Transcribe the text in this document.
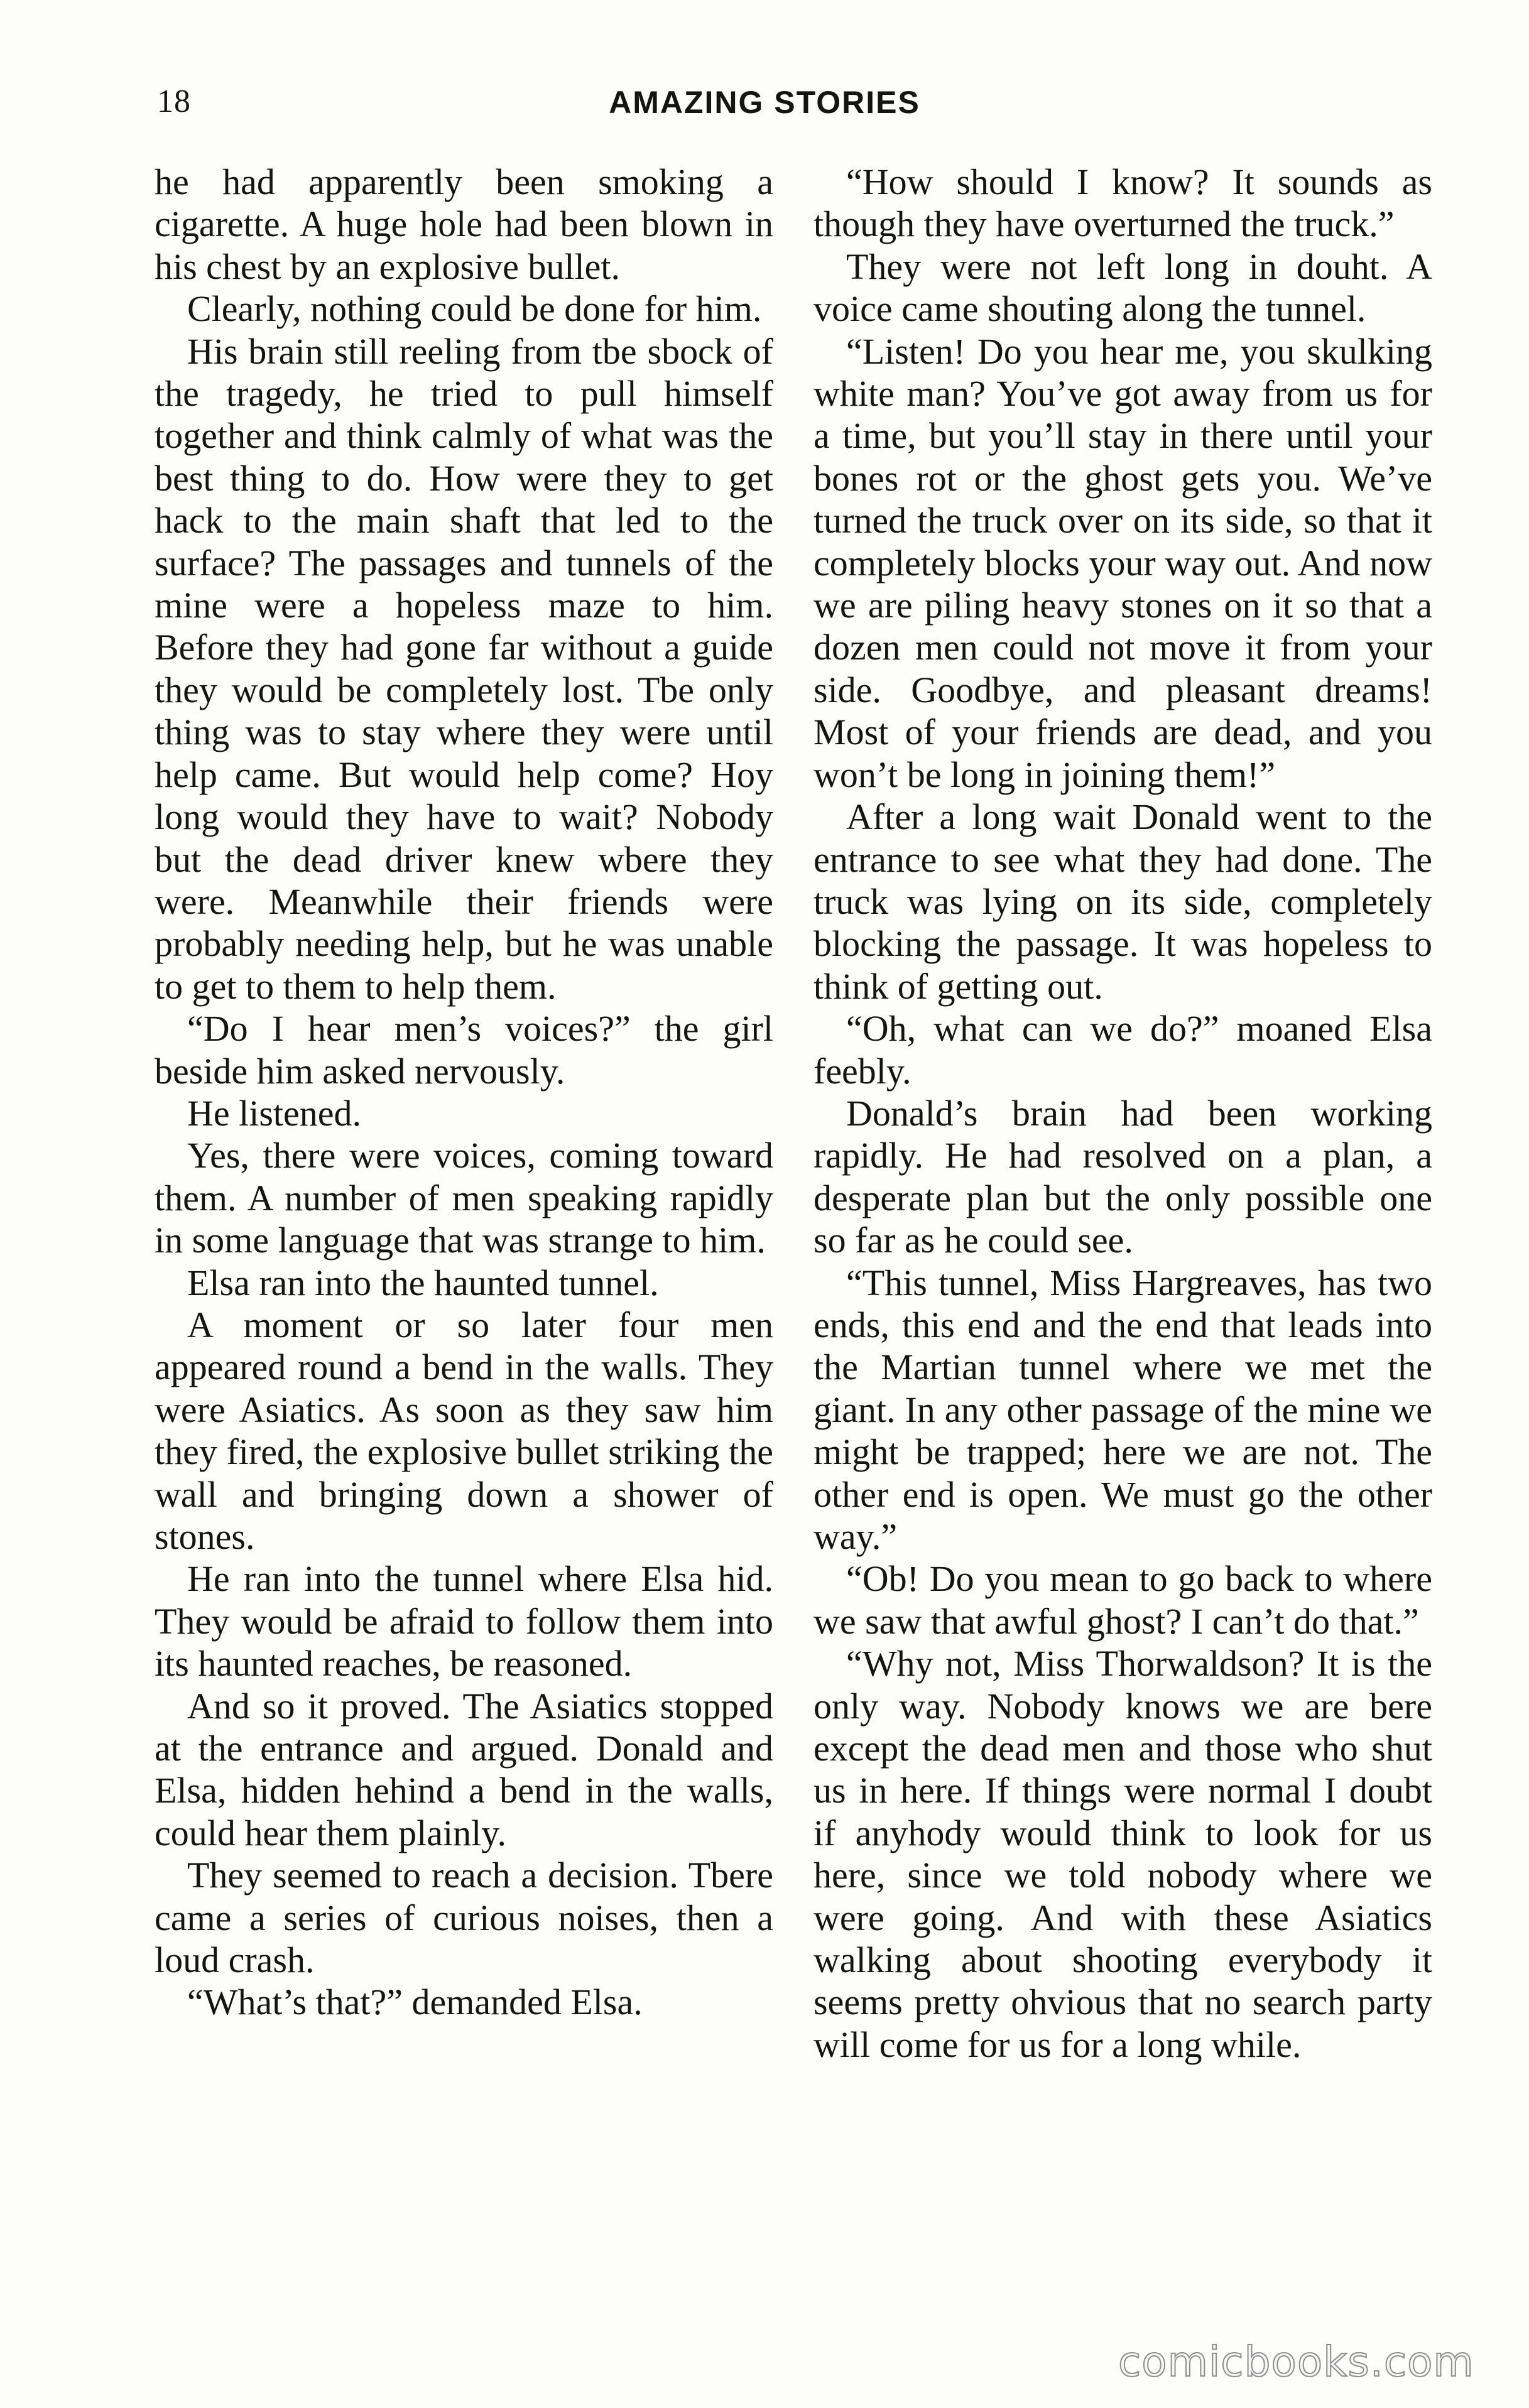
18	AMAZING STORIES

he had apparently been smoking a cigarette. A huge hole had been blown in his chest by an explosive bullet.

Clearly, nothing could be done for him.

His brain still reeling from tbe sbock of the tragedy, he tried to pull himself together and think calmly of what was the best thing to do. How were they to get hack to the main shaft that led to the surface? The passages and tunnels of the mine were a hopeless maze to him. Before they had gone far without a guide they would be completely lost. Tbe only thing was to stay where they were until help came. But would help come? Hoy long would they have to wait? Nobody but the dead driver knew wbere they were. Meanwhile their friends were probably needing help, but he was unable to get to them to help them.

“Do I hear men’s voices?” the girl beside him asked nervously.

He listened.

Yes, there were voices, coming toward them. A number of men speaking rapidly in some language that was strange to him.

Elsa ran into the haunted tunnel.

A moment or so later four men appeared round a bend in the walls. They were Asiatics. As soon as they saw him they fired, the explosive bullet striking the wall and bringing down a shower of stones.

He ran into the tunnel where Elsa hid. They would be afraid to follow them into its haunted reaches, be reasoned.

And so it proved. The Asiatics stopped at the entrance and argued. Donald and Elsa, hidden hehind a bend in the walls, could hear them plainly.

They seemed to reach a decision. Tbere came a series of curious noises, then a loud crash.

“What’s that?” demanded Elsa.

“How should I know? It sounds as though they have overturned the truck.”

They were not left long in douht. A voice came shouting along the tunnel.

“Listen! Do you hear me, you skulking white man? You’ve got away from us for a time, but you’ll stay in there until your bones rot or the ghost gets you. We’ve turned the truck over on its side, so that it completely blocks your way out. And now we are piling heavy stones on it so that a dozen men could not move it from your side. Goodbye, and pleasant dreams! Most of your friends are dead, and you won’t be long in joining them!”

After a long wait Donald went to the entrance to see what they had done. The truck was lying on its side, completely blocking the passage. It was hopeless to think of getting out.

“Oh, what can we do?” moaned Elsa feebly.

Donald’s brain had been working rapidly. He had resolved on a plan, a desperate plan but the only possible one so far as he could see.

“This tunnel, Miss Hargreaves, has two ends, this end and the end that leads into the Martian tunnel where we met the giant. In any other passage of the mine we might be trapped; here we are not. The other end is open. We must go the other way.”

“Ob! Do you mean to go back to where we saw that awful ghost? I can’t do that.”

“Why not, Miss Thorwaldson? It is the only way. Nobody knows we are bere except the dead men and those who shut us in here. If things were normal I doubt if anyhody would think to look for us here, since we told nobody where we were going. And with these Asiatics walking about shooting everybody it seems pretty ohvious that no search party will come for us for a long while.

comicbooks.com
